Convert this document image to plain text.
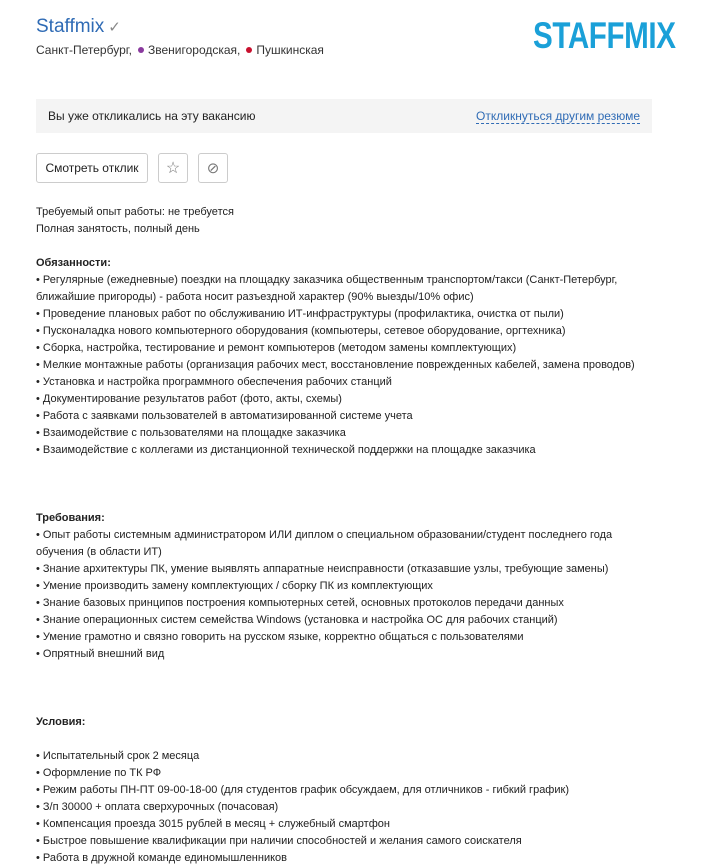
Staffmix ✓
Санкт-Петербург, Звенигородская, Пушкинская	STAFFMIX
Вы уже откликались на эту вакансию	Откликнуться другим резюме
Смотреть отклик	☆	⊘
Требуемый опыт работы: не требуется
Полная занятость, полный день
Обязанности:
• Регулярные (ежедневные) поездки на площадку заказчика общественным транспортом/такси (Санкт-Петербург, ближайшие пригороды) - работа носит разъездной характер (90% выезды/10% офис)
• Проведение плановых работ по обслуживанию ИТ-инфраструктуры (профилактика, очистка от пыли)
• Пусконаладка нового компьютерного оборудования (компьютеры, сетевое оборудование, оргтехника)
• Сборка, настройка, тестирование и ремонт компьютеров (методом замены комплектующих)
• Мелкие монтажные работы (организация рабочих мест, восстановление поврежденных кабелей, замена проводов)
• Установка и настройка программного обеспечения рабочих станций
• Документирование результатов работ (фото, акты, схемы)
• Работа с заявками пользователей в автоматизированной системе учета
• Взаимодействие с пользователями на площадке заказчика
• Взаимодействие с коллегами из дистанционной технической поддержки на площадке заказчика
Требования:
• Опыт работы системным администратором ИЛИ диплом о специальном образовании/студент последнего года обучения (в области ИТ)
• Знание архитектуры ПК, умение выявлять аппаратные неисправности (отказавшие узлы, требующие замены)
• Умение производить замену комплектующих / сборку ПК из комплектующих
• Знание базовых принципов построения компьютерных сетей, основных протоколов передачи данных
• Знание операционных систем семейства Windows (установка и настройка ОС для рабочих станций)
• Умение грамотно и связно говорить на русском языке, корректно общаться с пользователями
• Опрятный внешний вид
Условия:
• Испытательный срок 2 месяца
• Оформление по ТК РФ
• Режим работы ПН-ПТ 09-00-18-00 (для студентов график обсуждаем, для отличников - гибкий график)
• З/п 30000 + оплата сверхурочных (почасовая)
• Компенсация проезда 3015 рублей в месяц + служебный смартфон
• Быстрое повышение квалификации при наличии способностей и желания самого соискателя
• Работа в дружной команде единомышленников
